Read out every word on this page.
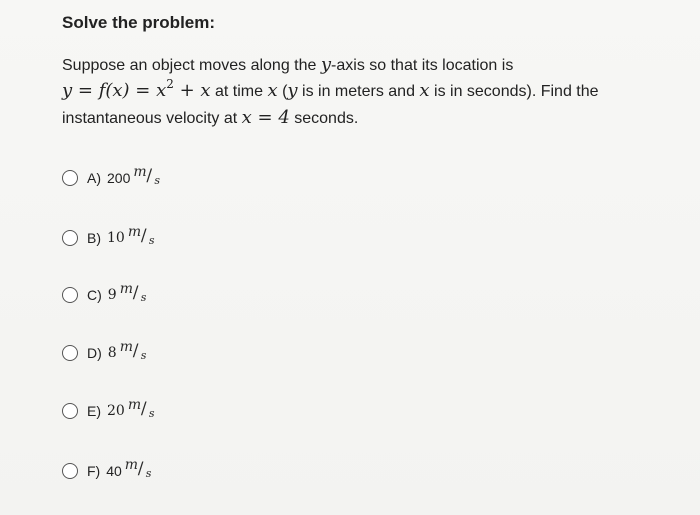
Solve the problem:
Suppose an object moves along the y-axis so that its location is
$y = f(x) = x^2 + x$ at time x (y is in meters and x is in seconds). Find the
instantaneous velocity at x = 4 seconds.
A) 200 m / s
B) 10 m / s
C) 9 m / s
D) 8 m / s
E) 20 m / s
F) 40 m / s
